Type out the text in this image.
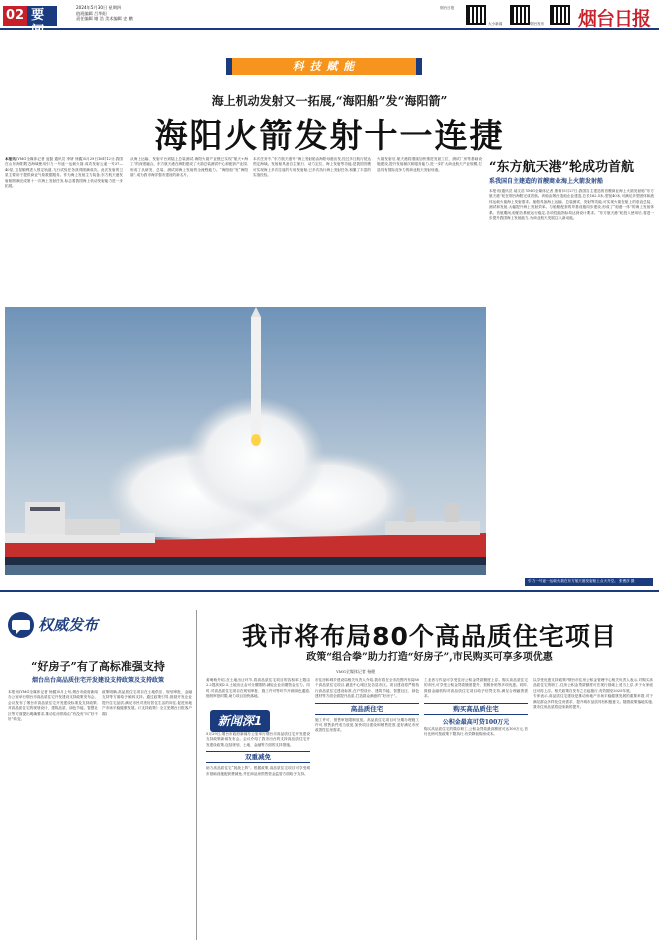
02 要闻
2024年5月30日 星期四
值班编辑 吕华阳
责任编辑 谢 浩 美术编辑 史 鹏
烟台日报
大小新闻	烟台发布 烟台日报
科 技 赋 能
海上机动发射又一拓展,“海阳船”发“海阳箭”
海阳火箭发射十一连捷
本报讯(YMG全媒体记者 庞磊 通讯员 李妍 徐鑫)5月29日16时12分,我国在山东海阳附近海域使用引力一号遥一运载火箭,成功发射云遥一号37—40星,卫星顺利进入预定轨道,飞行试验任务获得圆满成功。此次发射的卫星主要用于提供商业气象数据服务。作为海上发射主力装备,东方航天港发射船圆满完成第十一次海上发射任务,标志着我国海上机动发射能力进一步拓展。
从海上运输、发射平台到陆上总装测试,海阳火箭产业链已实现“航天+海工”的深度融合。东方航天港在海阳建成了火箭总装测试中心和配套产业园,形成了从研发、总装、测试到海上发射的全流程能力。“海阳船”发“海阳箭”,成为我市海洋强市建设的新名片。
本次任务中,“东方航天港号”海上发射船由海阳母港出发,经过多日航行抵达预定海域。发射船具备自主航行、动力定位、海上发射等功能,是我国首艘可实现海上多次往返的专用发射船,已多次执行海上发射任务,积累了丰富的实战经验。
火箭发射后,航天港将继续加快推进发射工位、测试厂房等基础设施建设,提升发射频次和服务能力,进一步扩大商业航天产业规模,打造具有国际竞争力的商业航天发射母港。	“东方航天港”轮成功首航
系我国自主建造的首艘商业海上火箭发射船
本报讯(通讯员 郝文浩 YMG全媒体记者 康育)5月27日,我国自主建造的首艘商业海上火箭发射船“东方航天港”轮在烟台海阳完成首航。该船由烟台造船企业建造,总长162.5米,型宽40米,可满足多型固体和液体运载火箭海上发射需求。船舶具备海上运输、总装测试、发射等功能,可实现火箭在船上的垂直总装、测试和发射,大幅提升海上发射效率。与船舶配套的岸基设施同步建设,形成了“船港一体”的海上发射体系。首航期间,船舶各系统运行稳定,各项性能指标均达到设计要求。“东方航天港”轮投入使用后,将进一步提升我国海上发射能力,为商业航天发展注入新动能。
引力一号遥一运载火箭在东方航天港发射船上点火升空。 张俊彦 摄
权威发布
“好房子”有了高标准强支持
烟台出台高品质住宅开发建设支持政策及支持政策
本报讯(YMG全媒体记者 杨健)5月上旬,烟台市政府新闻办公室举行烟台市高品质住宅开发建设支持政策发布会。会议发布了烟台市高品质住宅开发建设标准及支持政策,对高品质住宅的规划设计、建筑品质、绿色节能、智慧社区等方面提出明确要求,推动住房供给由“有没有”向“好不好”转变。
政策明确,高品质住宅项目在土地供应、规划审批、金融支持等方面给予倾斜支持。通过政策引导,鼓励开发企业提升住宅品质,满足市民对美好居住生活的向往,促进房地产市场平稳健康发展。(《支持政策》全文见烟台日报客户端)
我市将布局80个高品质住宅项目
政策“组合拳”助力打造“好房子”,市民购买可享多项优惠
YMG全媒体记者 杨健
姜萌萌介绍,在土地出让环节,将高品质住宅项目的容积率上限由2.2提高到2.5,土地出让金可分期缴纳,减轻企业前期资金压力。同时,对高品质住宅项目在规划审批、施工许可等环节开辟绿色通道,缩短审批时限,助力项目加快落地。
5月29日,烟台市政府新闻办公室举行烟台市高品质住宅开发建设支持政策新闻发布会。会议介绍了我市出台的支持高品质住宅开发建设政策,包括规划、土地、金融等方面的支持措施。
双重减免
助力高品质住宅“挑战上阵”。根据政策,高品质住宅项目可享受城市基础设施配套费减免,并在商品房预售资金监管方面给予支持。
新闻深1
市住房和城乡建设局相关负责人介绍,我市将在全市范围内布局80个高品质住宅项目,涵盖中心城区及各县市区。项目建设将严格执行高品质住宅建设标准,在户型设计、建筑节能、智慧社区、绿色建材等方面全面提升品质,打造群众满意的“好房子”。
高品质住宅
施工许可、预售审批限制放宽。高品质住宅项目可分期办理施工许可,预售条件适当放宽,加快项目建设和销售进度,更好满足市民改善性住房需求。
工业者与作品可享受住房公积金贷款额度上浮。购买高品质住宅的市民,可享受公积金贷款额度提升、契税补贴等多项优惠。同时,鼓励金融机构对高品质住宅项目给予信贷支持,满足合理融资需求。
购买高品质住宅
公积金最高可贷100万元
购买高品质住宅的缴存职工,公积金贷款最高额度可达100万元,首付比例可按政策下限执行,有效降低购房成本。
以享受优惠支持政策?烟台市住房公积金管理中心相关负责人表示,对购买高品质住宅的职工,住房公积金贷款额度可在现行基础上适当上浮,多子女家庭还可再上浮。相关政策自发布之日起施行,有效期至2025年底。
专家表示,高品质住宅建设是推动房地产市场平稳健康发展的重要举措,对于满足群众多样化住房需求、提升城市品质具有积极意义。随着政策落地实施,我市住房品质将迎来新的提升。
